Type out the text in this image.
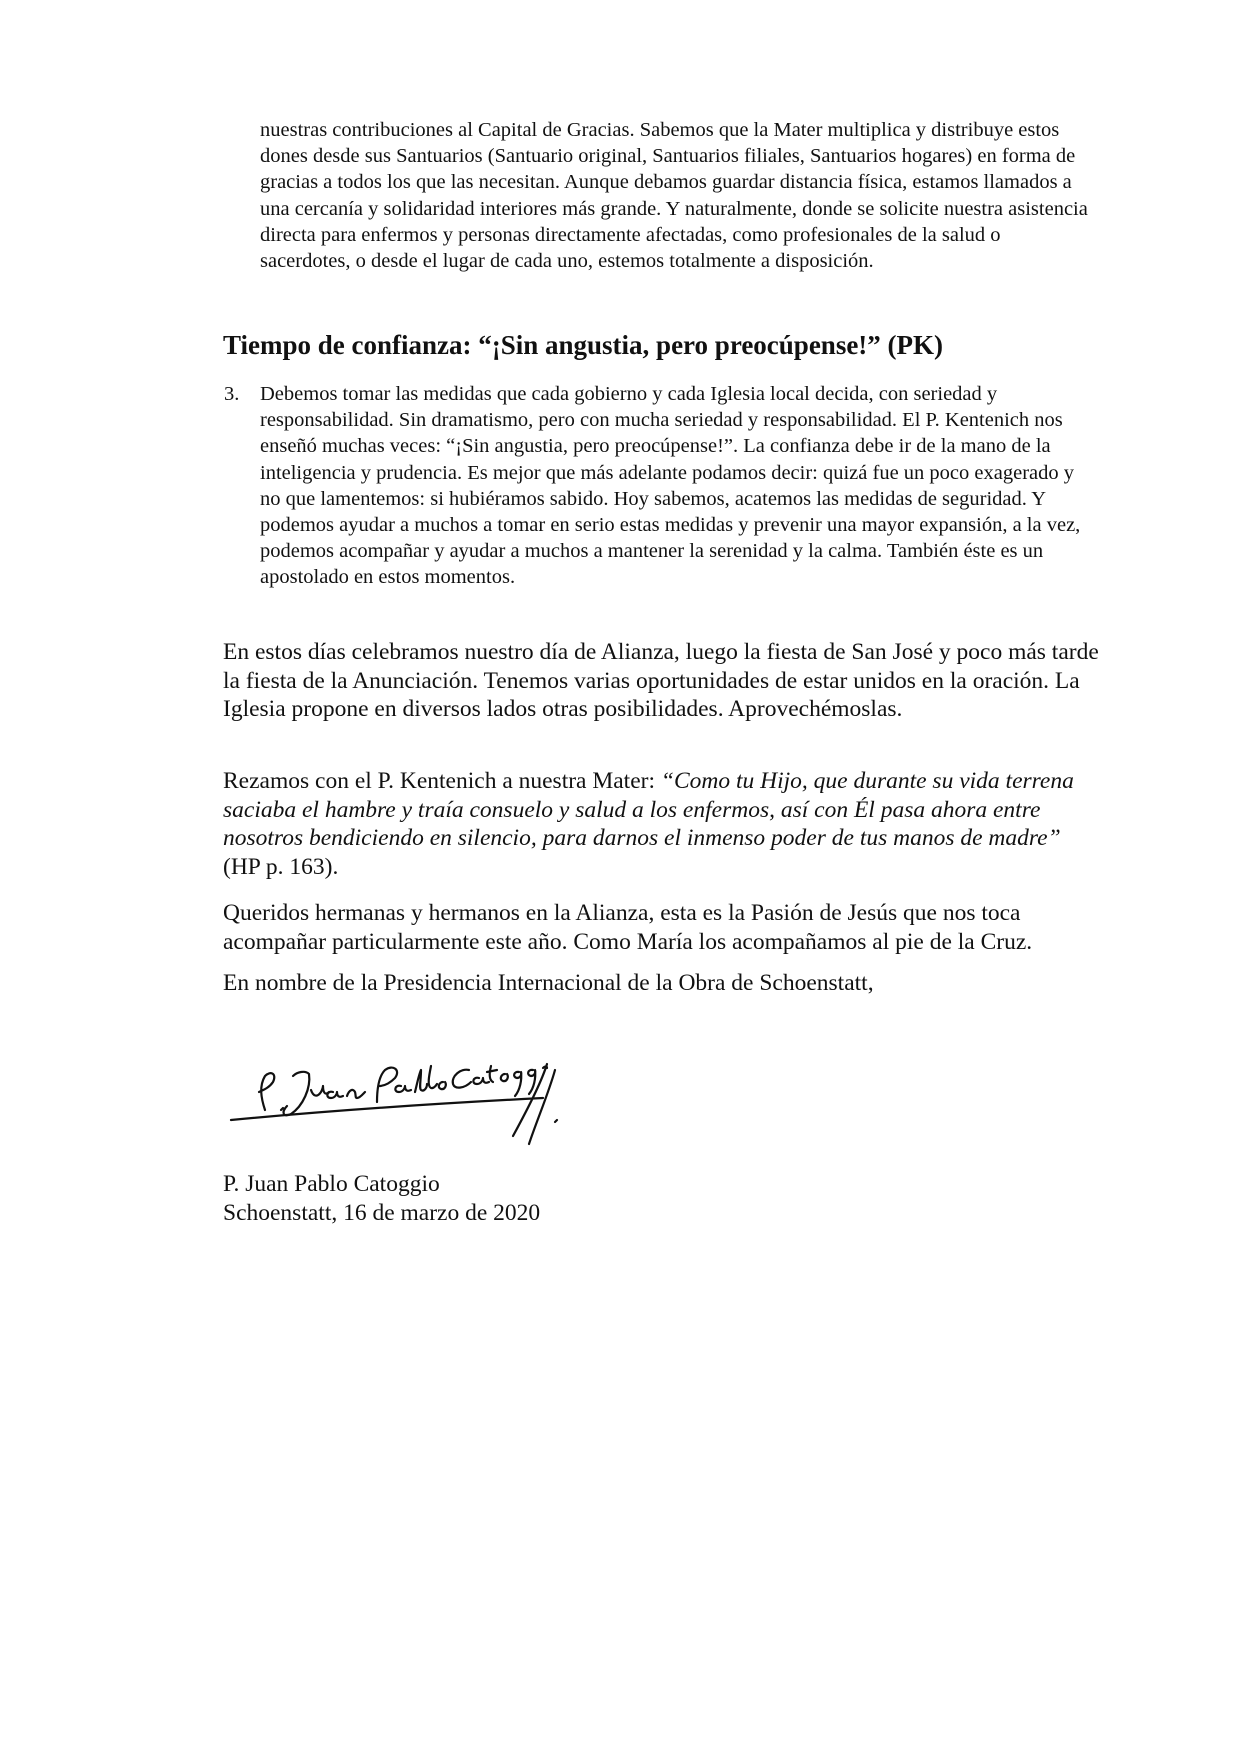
nuestras contribuciones al Capital de Gracias. Sabemos que la Mater multiplica y distribuye estos dones desde sus Santuarios (Santuario original, Santuarios filiales, Santuarios hogares) en forma de gracias a todos los que las necesitan. Aunque debamos guardar distancia física, estamos llamados a una cercanía y solidaridad interiores más grande. Y naturalmente, donde se solicite nuestra asistencia directa para enfermos y personas directamente afectadas, como profesionales de la salud o sacerdotes, o desde el lugar de cada uno, estemos totalmente a disposición.

Tiempo de confianza: “¡Sin angustia, pero preocúpense!” (PK)
3. Debemos tomar las medidas que cada gobierno y cada Iglesia local decida, con seriedad y responsabilidad. Sin dramatismo, pero con mucha seriedad y responsabilidad. El P. Kentenich nos enseñó muchas veces: “¡Sin angustia, pero preocúpense!”. La confianza debe ir de la mano de la inteligencia y prudencia. Es mejor que más adelante podamos decir: quizá fue un poco exagerado y no que lamentemos: si hubiéramos sabido. Hoy sabemos, acatemos las medidas de seguridad. Y podemos ayudar a muchos a tomar en serio estas medidas y prevenir una mayor expansión, a la vez, podemos acompañar y ayudar a muchos a mantener la serenidad y la calma. También éste es un apostolado en estos momentos.

En estos días celebramos nuestro día de Alianza, luego la fiesta de San José y poco más tarde la fiesta de la Anunciación. Tenemos varias oportunidades de estar unidos en la oración. La Iglesia propone en diversos lados otras posibilidades. Aprovechémoslas.

Rezamos con el P. Kentenich a nuestra Mater: “Como tu Hijo, que durante su vida terrena saciaba el hambre y traía consuelo y salud a los enfermos, así con Él pasa ahora entre nosotros bendiciendo en silencio, para darnos el inmenso poder de tus manos de madre” (HP p. 163).

Queridos hermanas y hermanos en la Alianza, esta es la Pasión de Jesús que nos toca acompañar particularmente este año. Como María los acompañamos al pie de la Cruz.

En nombre de la Presidencia Internacional de la Obra de Schoenstatt,

P. Juan Pablo Catoggio
Schoenstatt, 16 de marzo de 2020
